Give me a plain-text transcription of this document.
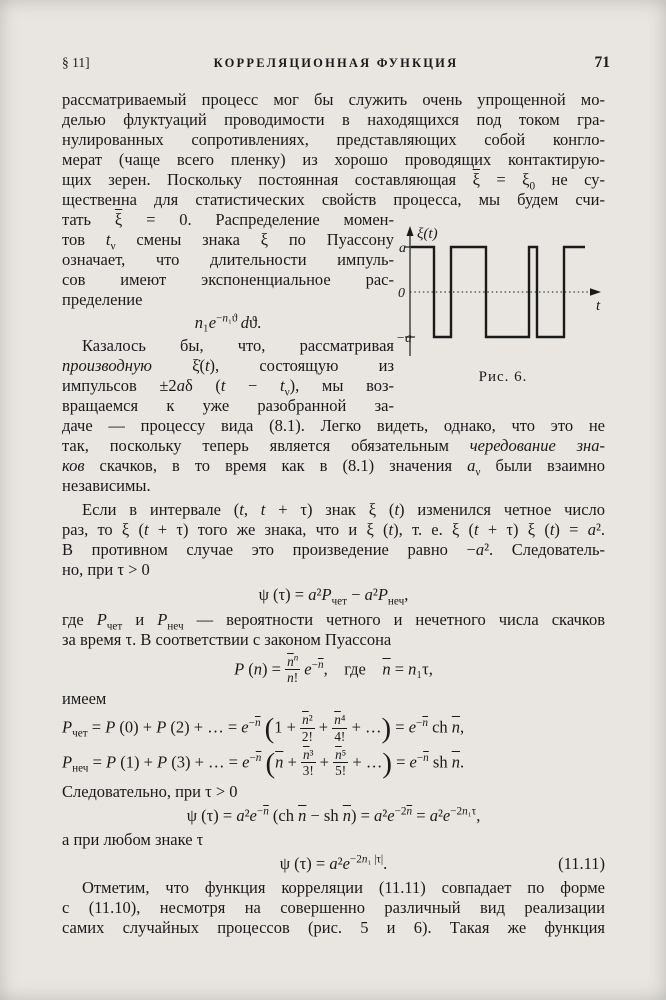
§ 11]	КОРРЕЛЯЦИОННАЯ ФУНКЦИЯ	71
рассматриваемый процесс мог бы служить очень упрощенной мо-
делью флуктуаций проводимости в находящихся под током гра-
нулированных сопротивлениях, представляющих собой конгло-
мерат (чаще всего пленку) из хорошо проводящих контактирую-
щих зерен. Поскольку постоянная составляющая $\overline{\xi} = \xi_0$ не су-
щественна для статистических свойств процесса, мы будем счи-
тать $\overline{\xi} = 0$. Распределение момен-
тов $t_\nu$ смены знака ξ по Пуассону
означает, что длительности импуль-
сов имеют экспоненциальное рас-
пределение
$n_1e^{-n_1ϑ}$  dϑ.
Казалось бы, что, рассматривая
производную ξ̇(t), состоящую из
импульсов ±2aδ $(t - t_\nu)$, мы воз-
вращаемся к уже разобранной за-
даче — процессу вида (8.1). Легко видеть, однако, что это не
так, поскольку теперь является обязательным чередование зна-
ков скачков, в то время как в (8.1) значения $a_\nu$ были взаимно
независимы.
Если в интервале (t, t + τ) знак ξ (t) изменился четное число
раз, то ξ (t + τ) того же знака, что и ξ (t), т. е. ξ (t + τ) ξ (t) = a².
В противном случае это произведение равно −a². Следователь-
но, при τ > 0
ψ $(\tau) = a^2P_{чет} - a^2P_{неч}$,
где $P_{чет}$ и $P_{неч}$ — вероятности четного и нечетного числа скачков
за время τ. В соответствии с законом Пуассона
P $(n) = \frac{\overline{n}^n}{n!} e^{-\overline{n}}$, где $\overline{n} = n_1\tau$,
имеем
$P_{чет} = P$ (0) + P (2) + … = $e^{-\overline{n}}$ ($1 + \frac{\overline{n}^2}{2!} + \frac{\overline{n}^4}{4!}$ + …) = $e^{-\overline{n}}$ ch $\overline{n}$,
$P_{неч} = P$ (1) + P (3) + … = $e^{-\overline{n}}$ ($\overline{n} + \frac{\overline{n}^3}{3!} + \frac{\overline{n}^5}{5!}$ + …) = $e^{-\overline{n}}$ sh $\overline{n}$.
Следовательно, при τ > 0
ψ $(\tau) = a^2e^{-\overline{n}}$ (ch $\overline{n}$ − sh $\overline{n}) = a^2e^{-2\overline{n}} = a^2e^{-2n_1\tau}$,
а при любом знаке τ
ψ $(\tau) = a^2e^{-2n_1 |\tau|}$.	(11.11)
Отметим, что функция корреляции (11.11) совпадает по форме
с (11.10), несмотря на совершенно различный вид реализации
самих случайных процессов (рис. 5 и 6). Такая же функция
ξ(t)
a
0
−a
t
Рис. 6.
